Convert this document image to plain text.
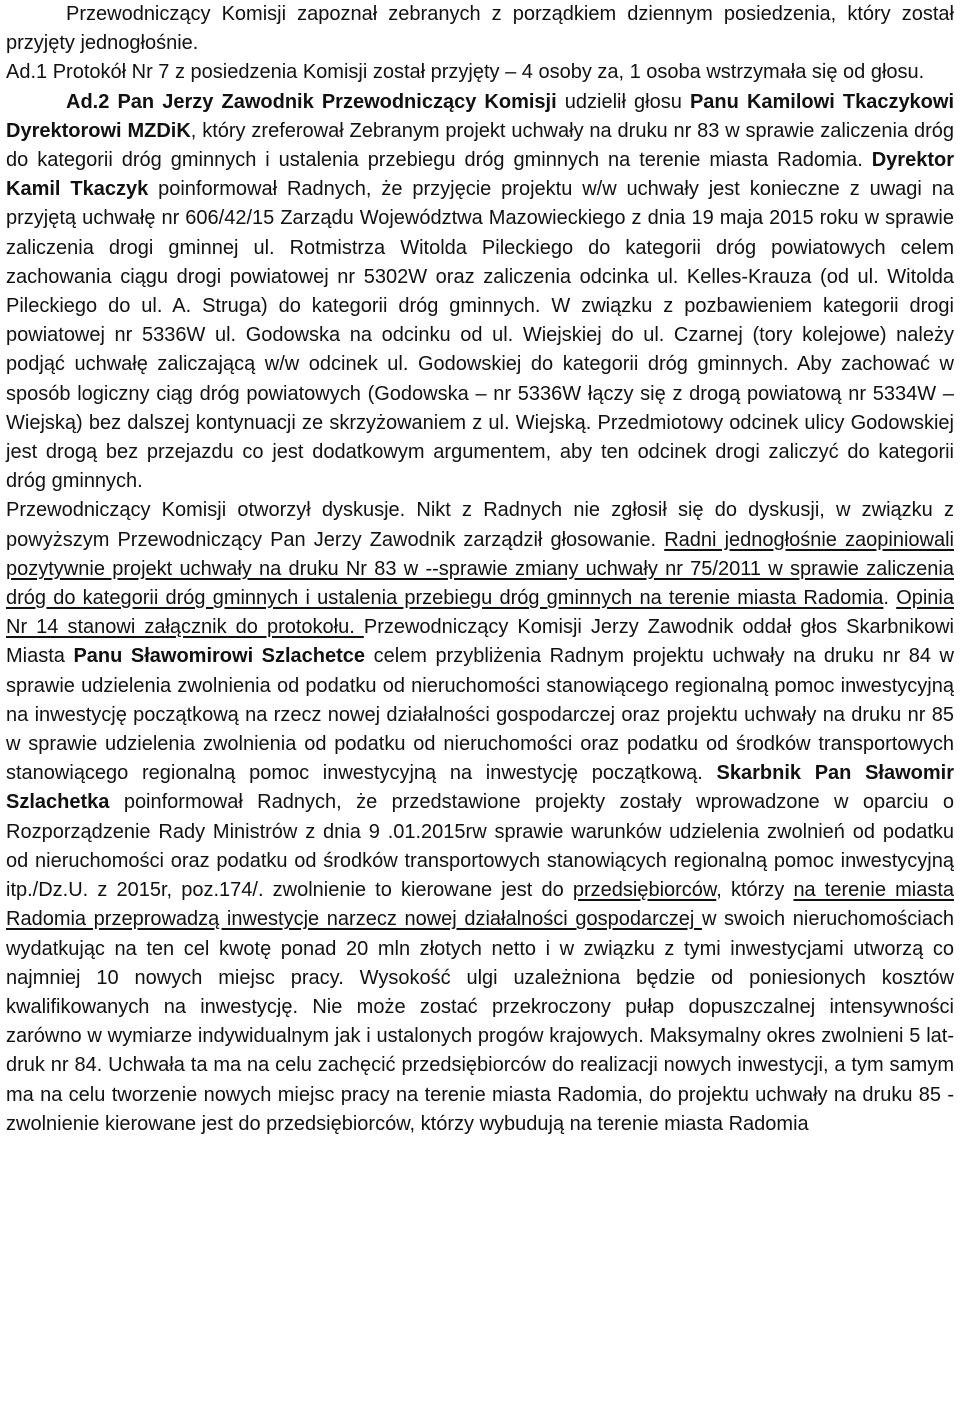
Przewodniczący Komisji zapoznał zebranych z porządkiem dziennym posiedzenia, który został przyjęty jednogłośnie.

Ad.1 Protokół Nr 7 z posiedzenia Komisji został przyjęty – 4 osoby za, 1 osoba wstrzymała się od głosu.

Ad.2 Pan Jerzy Zawodnik Przewodniczący Komisji udzielił głosu Panu Kamilowi Tkaczykowi Dyrektorowi MZDiK, który zreferował Zebranym projekt uchwały na druku nr 83 w sprawie zaliczenia dróg do kategorii dróg gminnych i ustalenia przebiegu dróg gminnych na terenie miasta Radomia. Dyrektor Kamil Tkaczyk poinformował Radnych, że przyjęcie projektu w/w uchwały jest konieczne z uwagi na przyjętą uchwałę nr 606/42/15 Zarządu Województwa Mazowieckiego z dnia 19 maja 2015 roku w sprawie zaliczenia drogi gminnej ul. Rotmistrza Witolda Pileckiego do kategorii dróg powiatowych celem zachowania ciągu drogi powiatowej nr 5302W oraz zaliczenia odcinka ul. Kelles-Krauza (od ul. Witolda Pileckiego do ul. A. Struga) do kategorii dróg gminnych. W związku z pozbawieniem kategorii drogi powiatowej nr 5336W ul. Godowska na odcinku od ul. Wiejskiej do ul. Czarnej (tory kolejowe) należy podjąć uchwałę zaliczającą w/w odcinek ul. Godowskiej do kategorii dróg gminnych. Aby zachować w sposób logiczny ciąg dróg powiatowych (Godowska – nr 5336W łączy się z drogą powiatową nr 5334W – Wiejską) bez dalszej kontynuacji ze skrzyżowaniem z ul. Wiejską. Przedmiotowy odcinek ulicy Godowskiej jest drogą bez przejazdu co jest dodatkowym argumentem, aby ten odcinek drogi zaliczyć do kategorii dróg gminnych.

Przewodniczący Komisji otworzył dyskusje. Nikt z Radnych nie zgłosił się do dyskusji, w związku z powyższym Przewodniczący Pan Jerzy Zawodnik zarządził głosowanie. Radni jednogłośnie zaopiniowali pozytywnie projekt uchwały na druku Nr 83 w --sprawie zmiany uchwały nr 75/2011 w sprawie zaliczenia dróg do kategorii dróg gminnych i ustalenia przebiegu dróg gminnych na terenie miasta Radomia. Opinia Nr 14 stanowi załącznik do protokołu. Przewodniczący Komisji Jerzy Zawodnik oddał głos Skarbnikowi Miasta Panu Sławomirowi Szlachetce celem przybliżenia Radnym projektu uchwały na druku nr 84 w sprawie udzielenia zwolnienia od podatku od nieruchomości stanowiącego regionalną pomoc inwestycyjną na inwestycję początkową na rzecz nowej działalności gospodarczej oraz projektu uchwały na druku nr 85 w sprawie udzielenia zwolnienia od podatku od nieruchomości oraz podatku od środków transportowych stanowiącego regionalną pomoc inwestycyjną na inwestycję początkową. Skarbnik Pan Sławomir Szlachetka poinformował Radnych, że przedstawione projekty zostały wprowadzone w oparciu o Rozporządzenie Rady Ministrów z dnia 9 .01.2015rw sprawie warunków udzielenia zwolnień od podatku od nieruchomości oraz podatku od środków transportowych stanowiących regionalną pomoc inwestycyjną itp./Dz.U. z 2015r, poz.174/. zwolnienie to kierowane jest do przedsiębiorców, którzy na terenie miasta Radomia przeprowadzą inwestycje narzecz nowej działalności gospodarczej w swoich nieruchomościach wydatkując na ten cel kwotę ponad 20 mln złotych netto i w związku z tymi inwestycjami utworzą co najmniej 10 nowych miejsc pracy. Wysokość ulgi uzależniona będzie od poniesionych kosztów kwalifikowanych na inwestycję. Nie może zostać przekroczony pułap dopuszczalnej intensywności zarówno w wymiarze indywidualnym jak i ustalonych progów krajowych. Maksymalny okres zwolnieni 5 lat- druk nr 84. Uchwała ta ma na celu zachęcić przedsiębiorców do realizacji nowych inwestycji, a tym samym ma na celu tworzenie nowych miejsc pracy na terenie miasta Radomia, do projektu uchwały na druku 85 - zwolnienie kierowane jest do przedsiębiorców, którzy wybudują na terenie miasta Radomia
